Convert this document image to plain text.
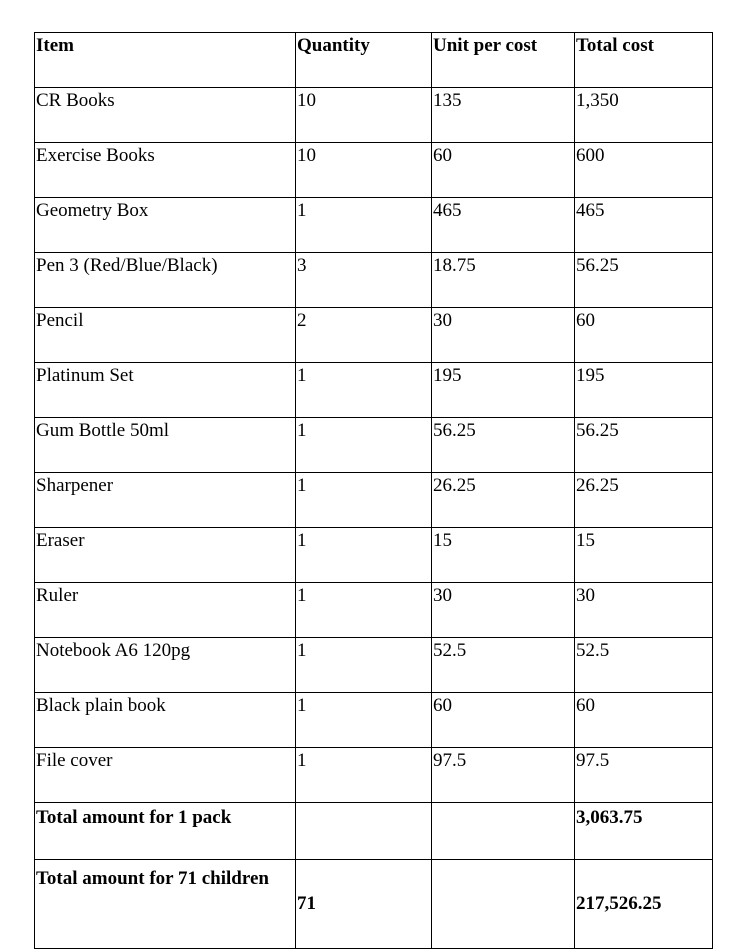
Item	Quantity	Unit per cost	Total cost
CR Books	10	135	1,350
Exercise Books	10	60	600
Geometry Box	1	465	465
Pen 3 (Red/Blue/Black)	3	18.75	56.25
Pencil	2	30	60
Platinum Set	1	195	195
Gum Bottle 50ml	1	56.25	56.25
Sharpener	1	26.25	26.25
Eraser	1	15	15
Ruler	1	30	30
Notebook A6 120pg	1	52.5	52.5
Black plain book	1	60	60
File cover	1	97.5	97.5
Total amount for 1 pack			3,063.75
Total amount for 71 children	71		217,526.25
